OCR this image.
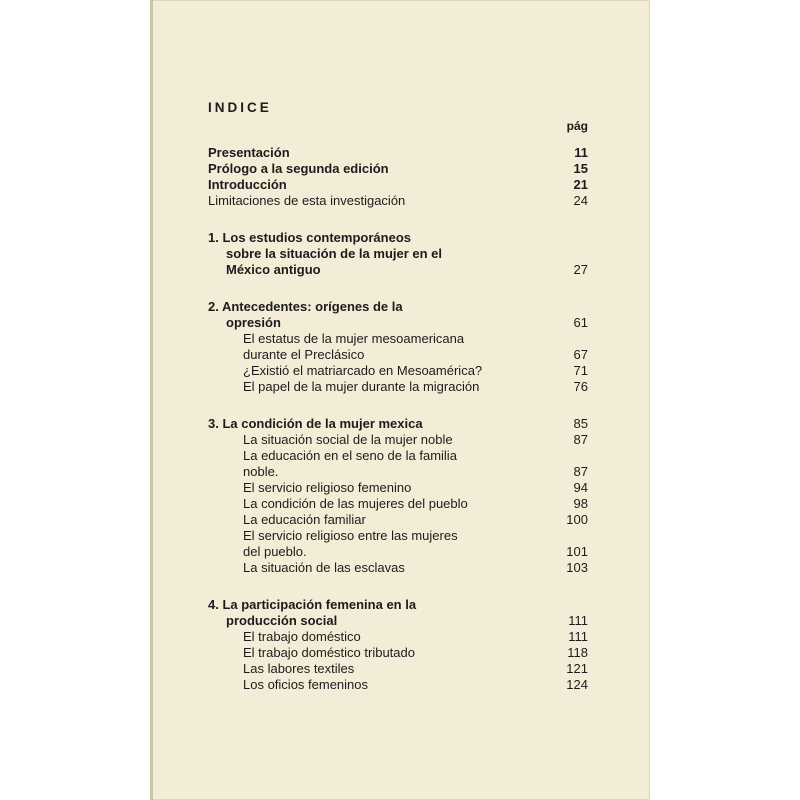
INDICE
pág
Presentación	11
Prólogo a la segunda edición	15
Introducción	21
Limitaciones de esta investigación	24
1. Los estudios contemporáneos
sobre la situación de la mujer en el
México antiguo	27
2. Antecedentes: orígenes de la
opresión	61
El estatus de la mujer mesoamericana
durante el Preclásico	67
¿Existió el matriarcado en Mesoamérica?	71
El papel de la mujer durante la migración	76
3. La condición de la mujer mexica	85
La situación social de la mujer noble	87
La educación en el seno de la familia
noble.	87
El servicio religioso femenino	94
La condición de las mujeres del pueblo	98
La educación familiar	100
El servicio religioso entre las mujeres
del pueblo.	101
La situación de las esclavas	103
4. La participación femenina en la
producción social	111
El trabajo doméstico	111
El trabajo doméstico tributado	118
Las labores textiles	121
Los oficios femeninos	124
